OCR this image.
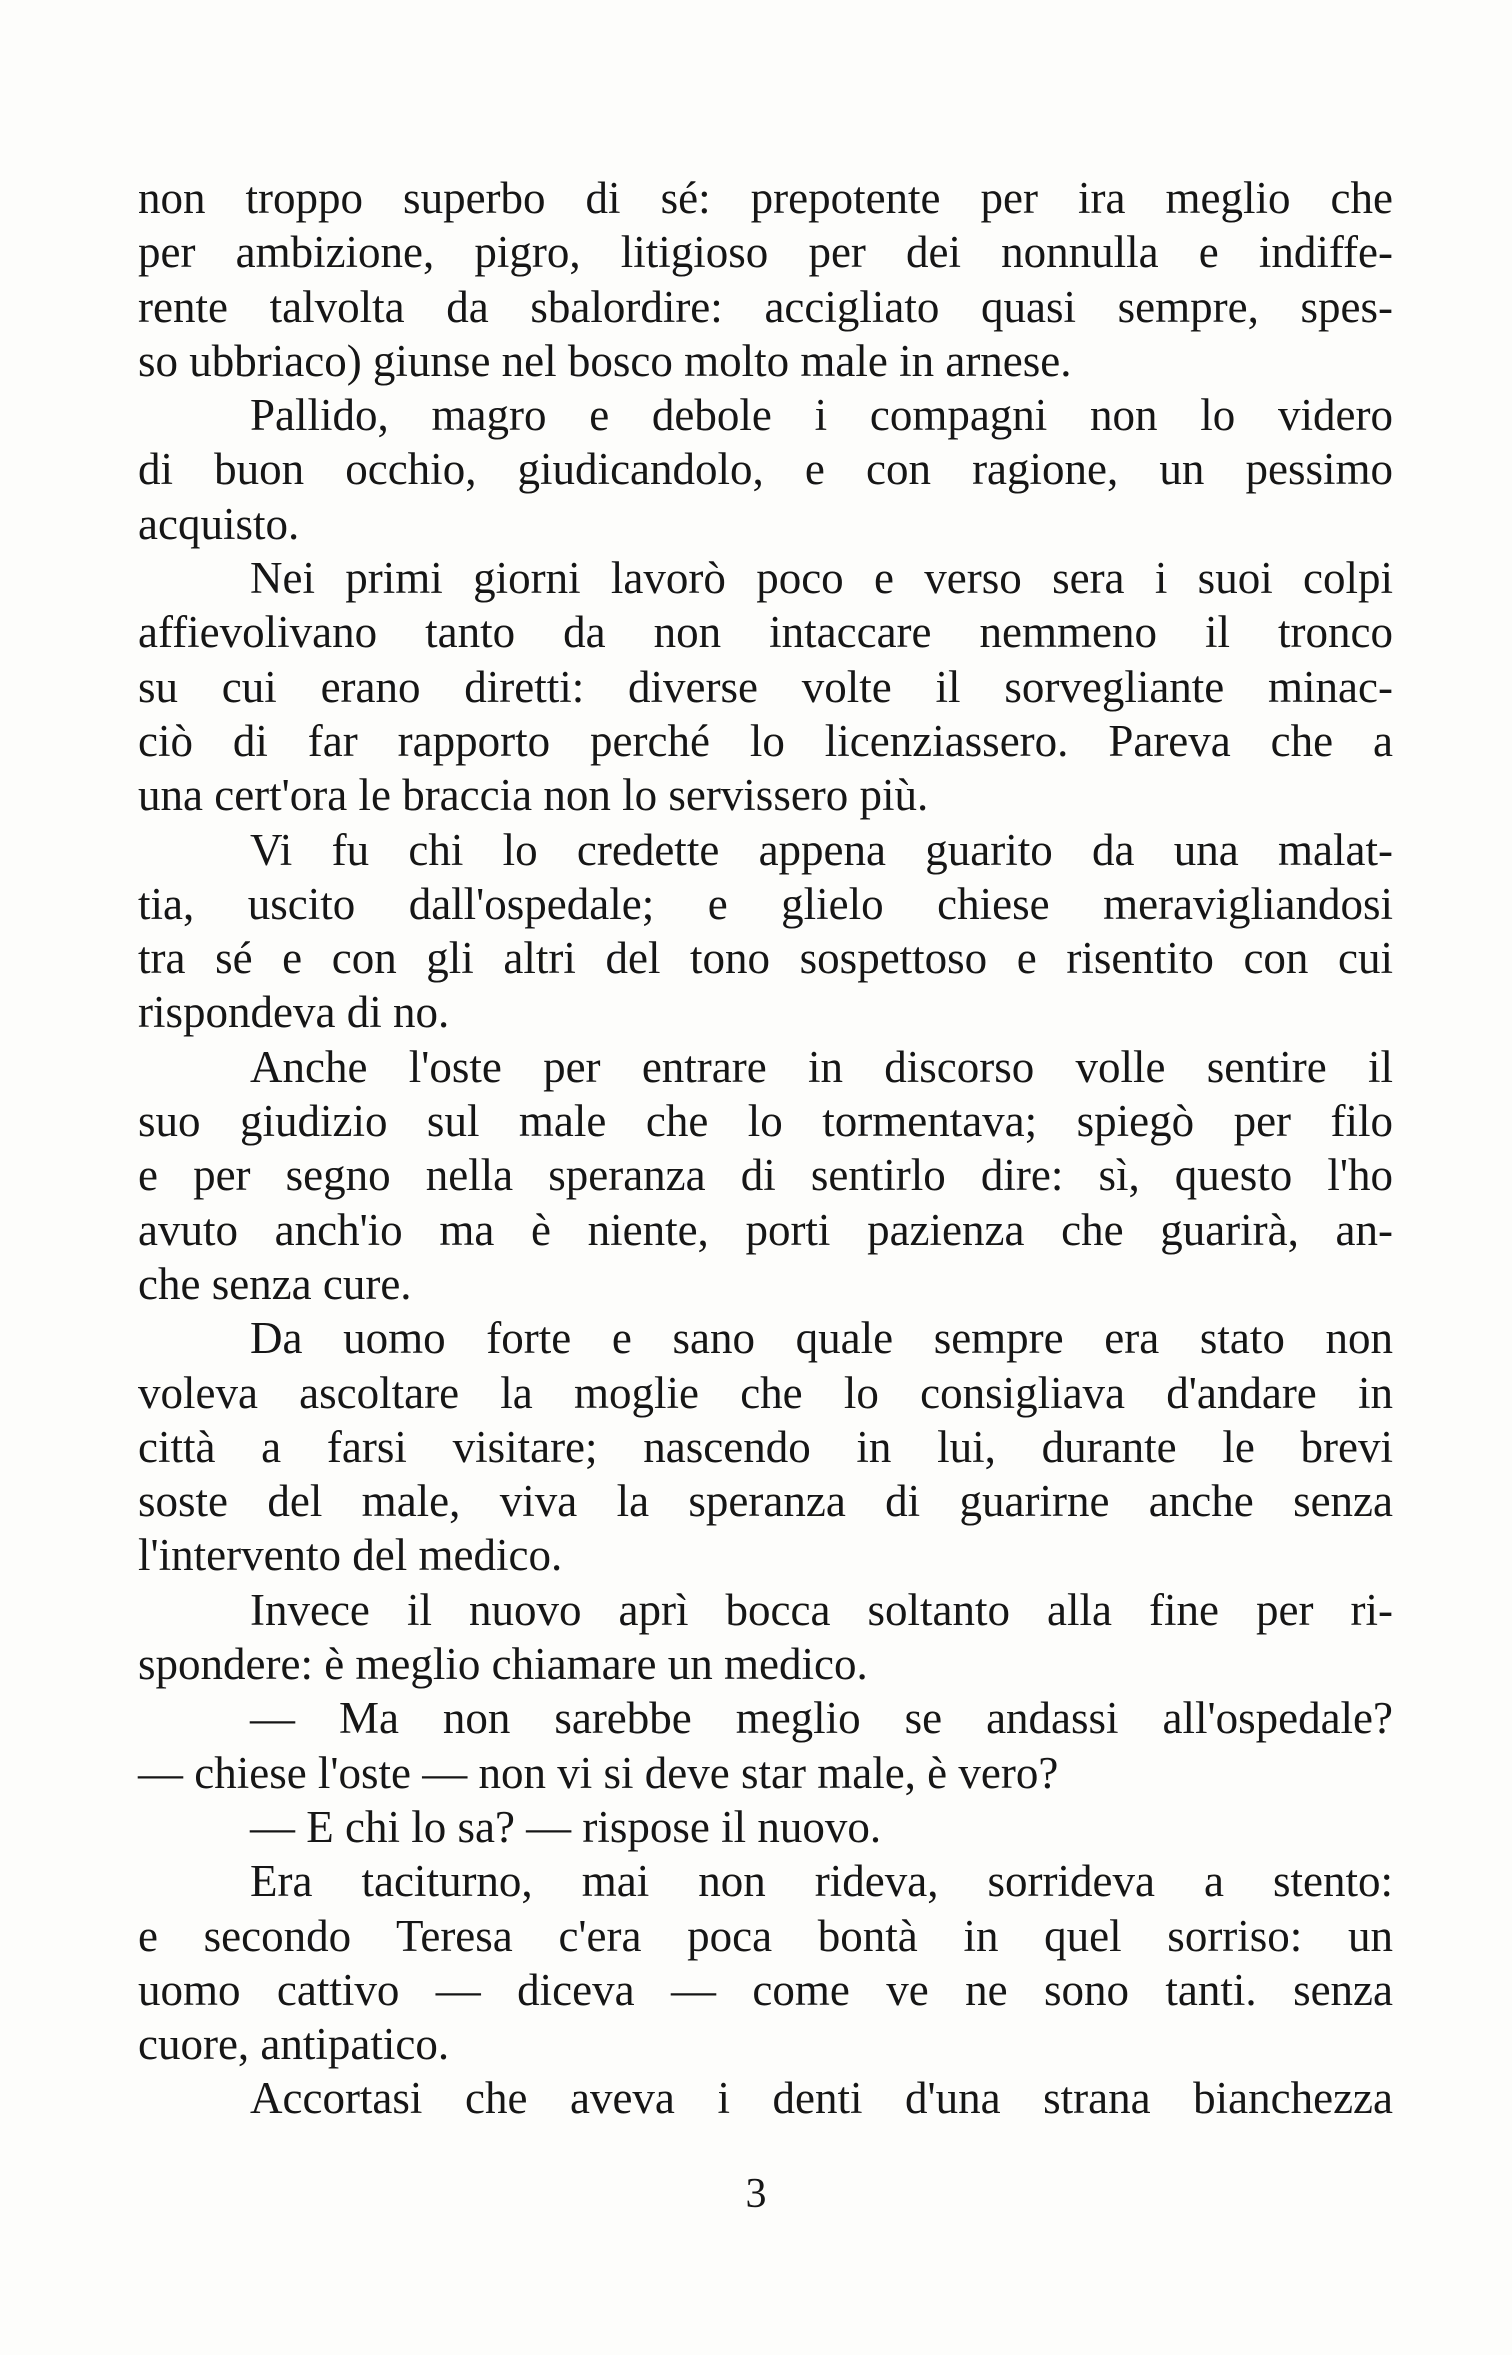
non troppo superbo di sé: prepotente per ira meglio che
per ambizione, pigro, litigioso per dei nonnulla e indiffe-
rente talvolta da sbalordire: accigliato quasi sempre, spes-
so ubbriaco) giunse nel bosco molto male in arnese.
Pallido, magro e debole i compagni non lo videro
di buon occhio, giudicandolo, e con ragione, un pessimo
acquisto.
Nei primi giorni lavorò poco e verso sera i suoi colpi
affievolivano tanto da non intaccare nemmeno il tronco
su cui erano diretti: diverse volte il sorvegliante minac-
ciò di far rapporto perché lo licenziassero. Pareva che a
una cert'ora le braccia non lo servissero più.
Vi fu chi lo credette appena guarito da una malat-
tia, uscito dall'ospedale; e glielo chiese meravigliandosi
tra sé e con gli altri del tono sospettoso e risentito con cui
rispondeva di no.
Anche l'oste per entrare in discorso volle sentire il
suo giudizio sul male che lo tormentava; spiegò per filo
e per segno nella speranza di sentirlo dire: sì, questo l'ho
avuto anch'io ma è niente, porti pazienza che guarirà, an-
che senza cure.
Da uomo forte e sano quale sempre era stato non
voleva ascoltare la moglie che lo consigliava d'andare in
città a farsi visitare; nascendo in lui, durante le brevi
soste del male, viva la speranza di guarirne anche senza
l'intervento del medico.
Invece il nuovo aprì bocca soltanto alla fine per ri-
spondere: è meglio chiamare un medico.
— Ma non sarebbe meglio se andassi all'ospedale?
— chiese l'oste — non vi si deve star male, è vero?
— E chi lo sa? — rispose il nuovo.
Era taciturno, mai non rideva, sorrideva a stento:
e secondo Teresa c'era poca bontà in quel sorriso: un
uomo cattivo — diceva — come ve ne sono tanti. senza
cuore, antipatico.
Accortasi che aveva i denti d'una strana bianchezza
3
